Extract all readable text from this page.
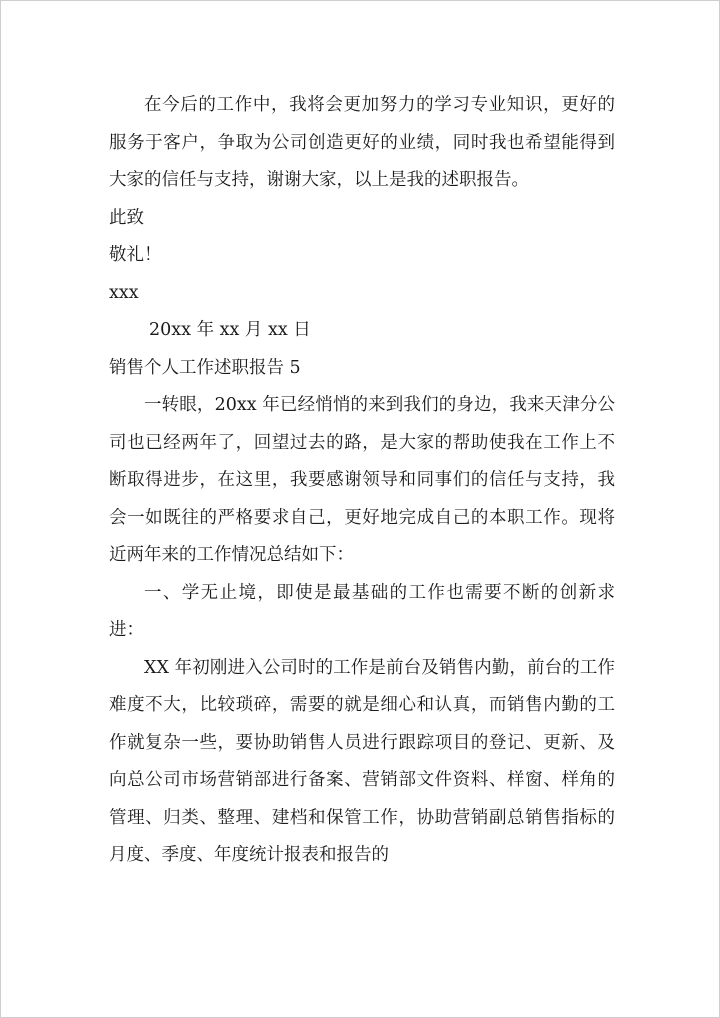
在今后的工作中，我将会更加努力的学习专业知识，更好的服务于客户，争取为公司创造更好的业绩，同时我也希望能得到大家的信任与支持，谢谢大家，以上是我的述职报告。

此致

敬礼！

xxx

20xx 年 xx 月 xx 日

销售个人工作述职报告 5

一转眼，20xx 年已经悄悄的来到我们的身边，我来天津分公司也已经两年了，回望过去的路，是大家的帮助使我在工作上不断取得进步，在这里，我要感谢领导和同事们的信任与支持，我会一如既往的严格要求自己，更好地完成自己的本职工作。现将近两年来的工作情况总结如下：

一、学无止境，即使是最基础的工作也需要不断的创新求进：

XX 年初刚进入公司时的工作是前台及销售内勤，前台的工作难度不大，比较琐碎，需要的就是细心和认真，而销售内勤的工作就复杂一些，要协助销售人员进行跟踪项目的登记、更新、及向总公司市场营销部进行备案、营销部文件资料、样窗、样角的管理、归类、整理、建档和保管工作，协助营销副总销售指标的月度、季度、年度统计报表和报告的
